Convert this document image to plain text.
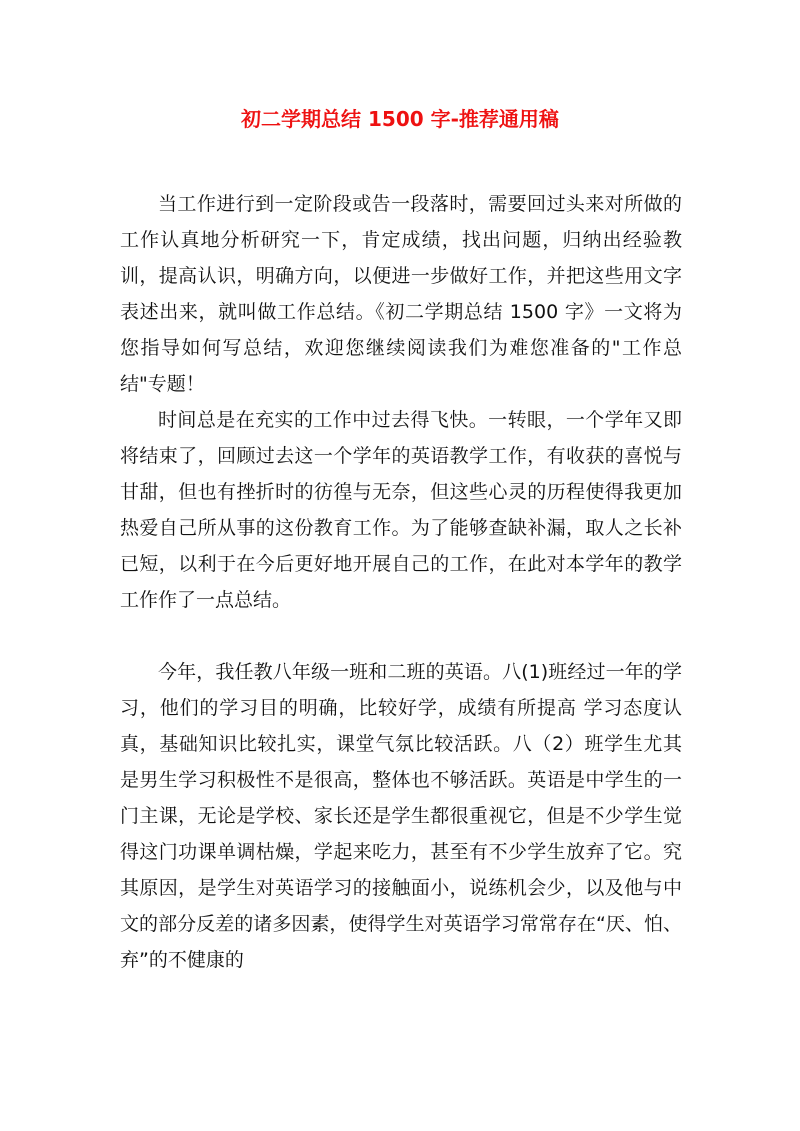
初二学期总结 1500 字-推荐通用稿

当工作进行到一定阶段或告一段落时，需要回过头来对所做的工作认真地分析研究一下，肯定成绩，找出问题，归纳出经验教训，提高认识，明确方向，以便进一步做好工作，并把这些用文字表述出来，就叫做工作总结。《初二学期总结 1500 字》一文将为您指导如何写总结，欢迎您继续阅读我们为难您准备的"工作总结"专题！

时间总是在充实的工作中过去得飞快。一转眼，一个学年又即将结束了，回顾过去这一个学年的英语教学工作，有收获的喜悦与甘甜，但也有挫折时的彷徨与无奈，但这些心灵的历程使得我更加热爱自己所从事的这份教育工作。为了能够查缺补漏，取人之长补已短，以利于在今后更好地开展自己的工作，在此对本学年的教学工作作了一点总结。

今年，我任教八年级一班和二班的英语。八(1)班经过一年的学习，他们的学习目的明确，比较好学，成绩有所提高 学习态度认真，基础知识比较扎实，课堂气氛比较活跃。八（2）班学生尤其是男生学习积极性不是很高，整体也不够活跃。英语是中学生的一门主课，无论是学校、家长还是学生都很重视它，但是不少学生觉得这门功课单调枯燥，学起来吃力，甚至有不少学生放弃了它。究其原因，是学生对英语学习的接触面小，说练机会少，以及他与中文的部分反差的诸多因素，使得学生对英语学习常常存在“厌、怕、弃”的不健康的
